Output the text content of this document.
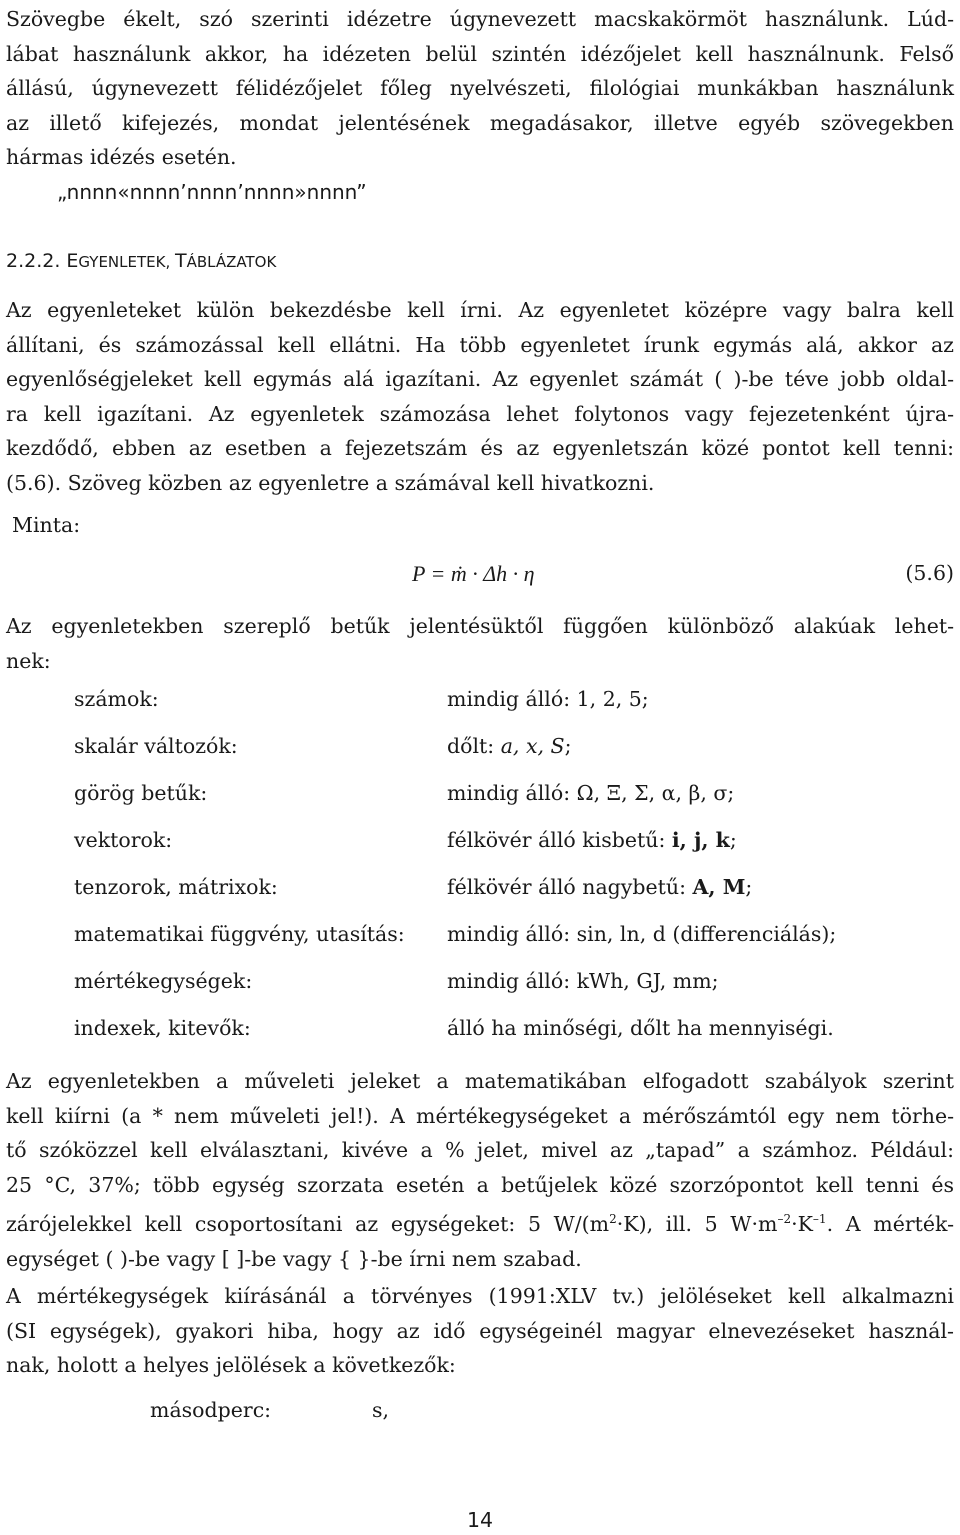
Szövegbe ékelt, szó szerinti idézetre úgynevezett macskakörmöt használunk. Lúd-
lábat használunk akkor, ha idézeten belül szintén idézőjelet kell használnunk. Felső
állású, úgynevezett félidézőjelet főleg nyelvészeti, filológiai munkákban használunk
az illető kifejezés, mondat jelentésének megadásakor, illetve egyéb szövegekben
hármas idézés esetén.

„nnnn«nnnn’nnnn’nnnn»nnnn”
2.2.2. EGYENLETEK, TÁBLÁZATOK

Az egyenleteket külön bekezdésbe kell írni. Az egyenletet középre vagy balra kell
állítani, és számozással kell ellátni. Ha több egyenletet írunk egymás alá, akkor az
egyenlőségjeleket kell egymás alá igazítani. Az egyenlet számát ( )-be téve jobb oldal-
ra kell igazítani. Az egyenletek számozása lehet folytonos vagy fejezetenként újra-
kezdődő, ebben az esetben a fejezetszám és az egyenletszán közé pontot kell tenni:
(5.6). Szöveg közben az egyenletre a számával kell hivatkozni.

Minta:
P = ṁ · Δh · η	(5.6)

Az egyenletekben szereplő betűk jelentésüktől függően különböző alakúak lehet-
nek:

számok:	mindig álló: 1, 2, 5;
skalár változók:	dőlt: a, x, S;
görög betűk:	mindig álló: Ω, Ξ, Σ, α, β, σ;
vektorok:	félkövér álló kisbetű: i, j, k;
tenzorok, mátrixok:	félkövér álló nagybetű: A, M;
matematikai függvény, utasítás: mindig álló: sin, ln, d (differenciálás);
mértékegységek:	mindig álló: kWh, GJ, mm;
indexek, kitevők:	álló ha minőségi, dőlt ha mennyiségi.

Az egyenletekben a műveleti jeleket a matematikában elfogadott szabályok szerint
kell kiírni (a * nem műveleti jel!). A mértékegységeket a mérőszámtól egy nem törhe-
tő szóközzel kell elválasztani, kivéve a % jelet, mivel az „tapad” a számhoz. Például:
25 °C, 37%; több egység szorzata esetén a betűjelek közé szorzópontot kell tenni és
zárójelekkel kell csoportosítani az egységeket: 5 $W/(m^2\cdot K)$, ill. 5 $W\cdot m^{-2}\cdot K^{-1}$. A mérték-
egységet ( )-be vagy [ ]-be vagy { }-be írni nem szabad.

A mértékegységek kiírásánál a törvényes (1991:XLV tv.) jelöléseket kell alkalmazni
(SI egységek), gyakori hiba, hogy az idő egységeinél magyar elnevezéseket használ-
nak, holott a helyes jelölések a következők:

másodperc:	s,
14
